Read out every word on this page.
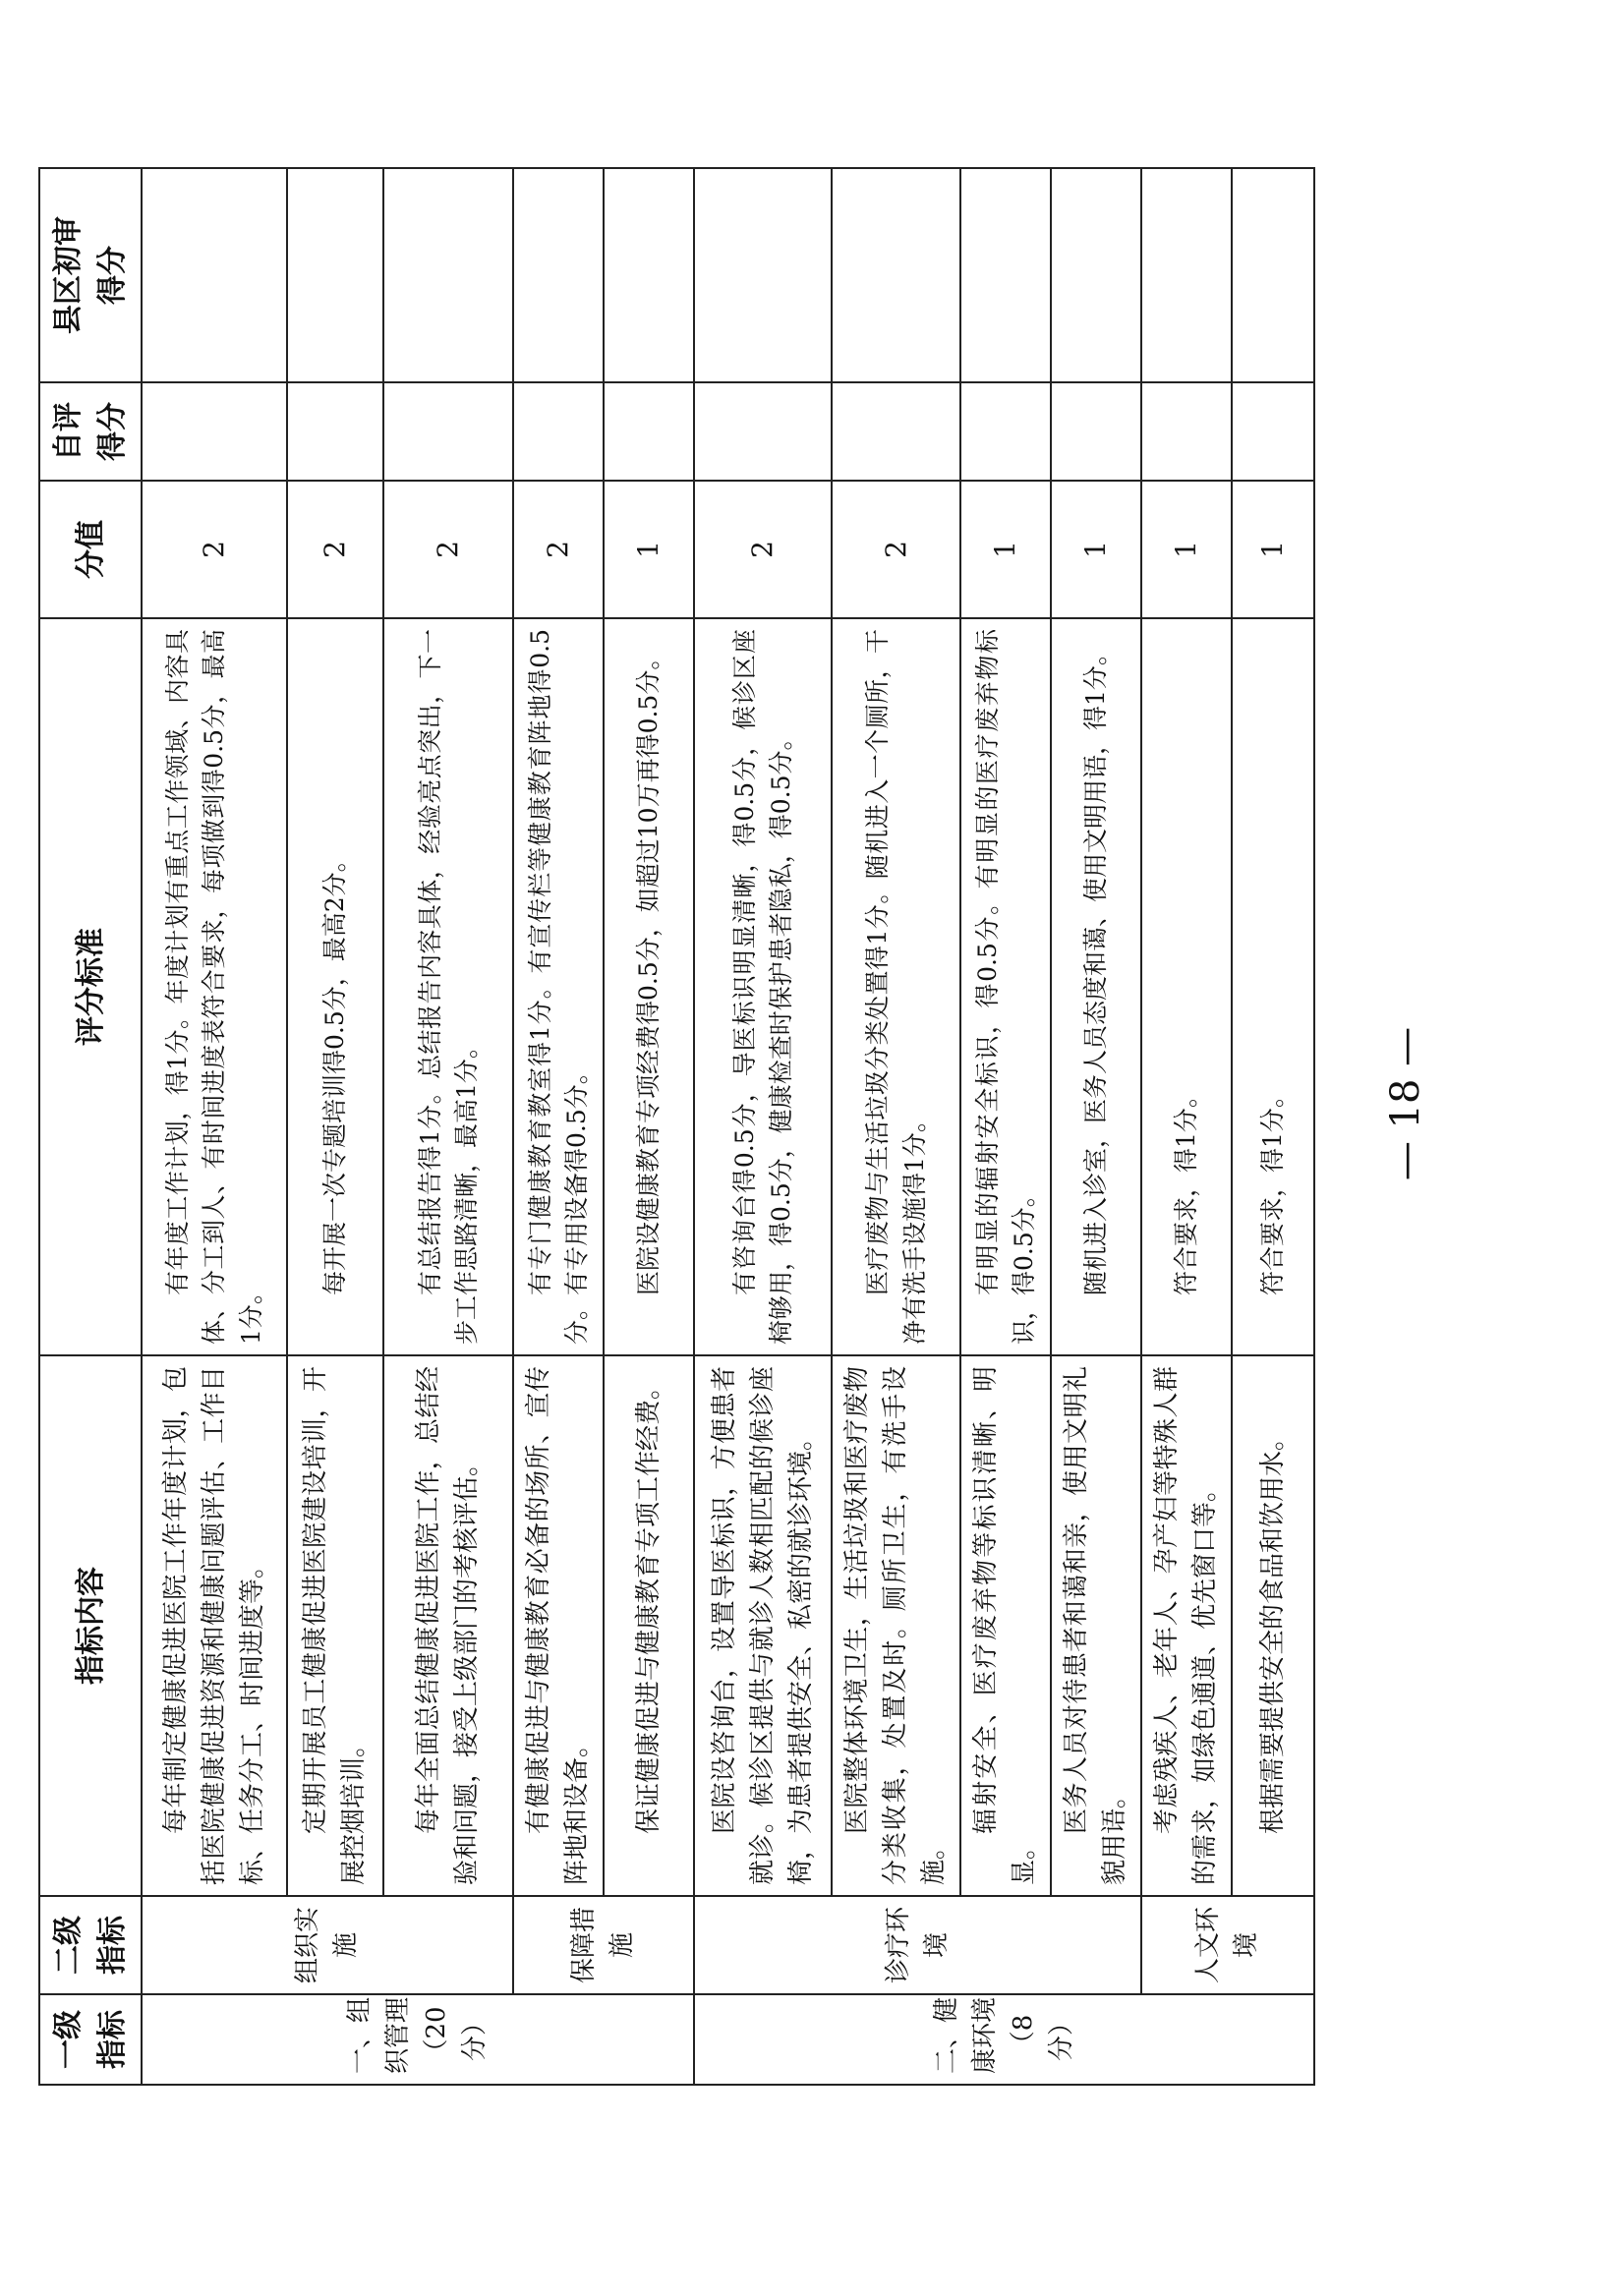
一级指标	二级指标	指标内容	评分标准	分值	自评得分	县区初审得分
一、组织管理（20分）	组织实施	每年制定健康促进医院工作年度计划，包括医院健康促进资源和健康问题评估、工作目标、任务分工、时间进度等。	有年度工作计划，得1分。年度计划有重点工作领域、内容具体、分工到人、有时间进度表符合要求，每项做到得0.5分，最高1分。	2		
		定期开展员工健康促进医院建设培训，开展控烟培训。	每开展一次专题培训得0.5分，最高2分。	2		
		每年全面总结健康促进医院工作，总结经验和问题，接受上级部门的考核评估。	有总结报告得1分。总结报告内容具体，经验亮点突出，下一步工作思路清晰，最高1分。	2		
	保障措施	有健康促进与健康教育必备的场所、宣传阵地和设备。	有专门健康教育教室得1分。有宣传栏等健康教育阵地得0.5分。有专用设备得0.5分。	2		
		保证健康促进与健康教育专项工作经费。	医院设健康教育专项经费得0.5分，如超过10万再得0.5分。	1		
二、健康环境（8分）	诊疗环境	医院设咨询台，设置导医标识，方便患者就诊。候诊区提供与就诊人数相匹配的候诊座椅，为患者提供安全、私密的就诊环境。	有咨询台得0.5分，导医标识明显清晰，得0.5分，候诊区座椅够用，得0.5分，健康检查时保护患者隐私，得0.5分。	2		
		医院整体环境卫生，生活垃圾和医疗废物分类收集，处置及时。厕所卫生，有洗手设施。	医疗废物与生活垃圾分类处置得1分。随机进入一个厕所，干净有洗手设施得1分。	2		
		辐射安全、医疗废弃物等标识清晰、明显。	有明显的辐射安全标识，得0.5分。有明显的医疗废弃物标识，得0.5分。	1		
		医务人员对待患者和蔼和亲，使用文明礼貌用语。	随机进入诊室，医务人员态度和蔼、使用文明用语，得1分。	1		
	人文环境	考虑残疾人、老年人、孕产妇等特殊人群的需求，如绿色通道、优先窗口等。	符合要求，得1分。	1		
		根据需要提供安全的食品和饮用水。	符合要求，得1分。	1		
— 18 —
